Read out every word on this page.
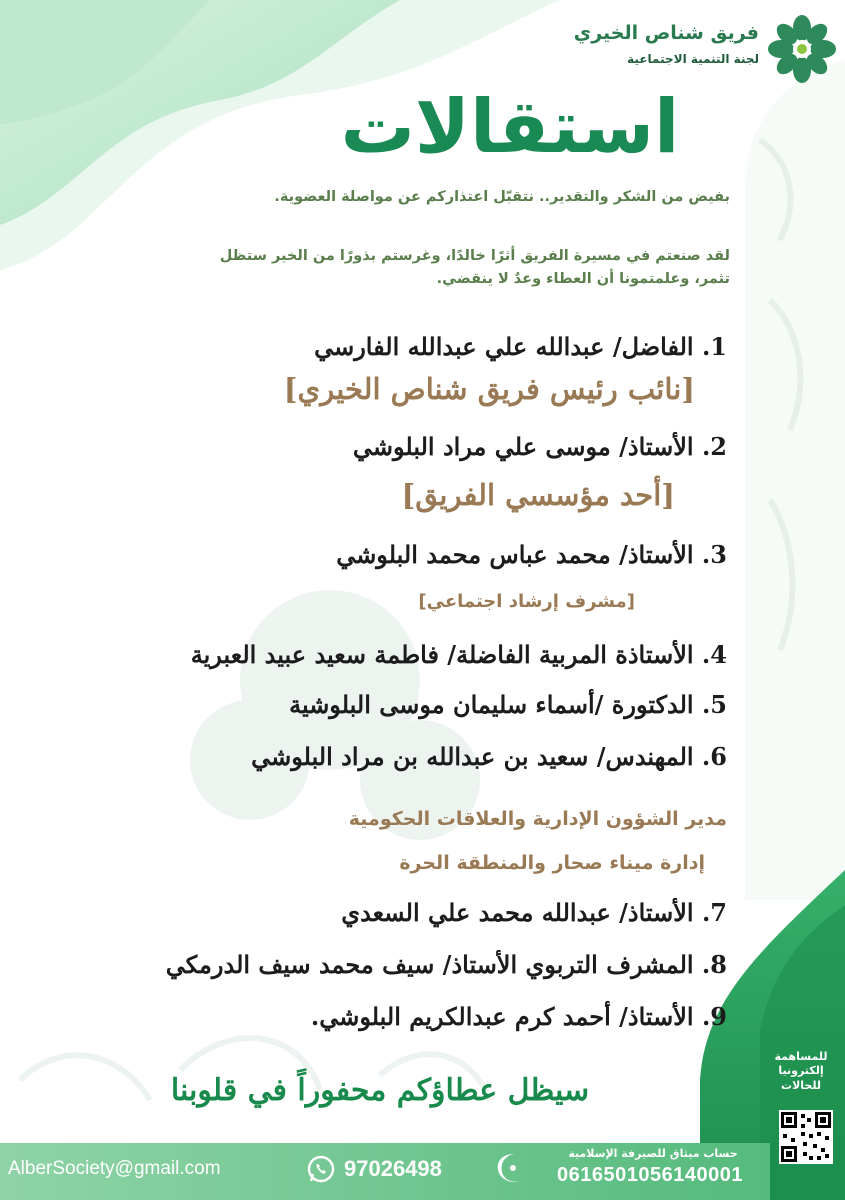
فريق شناص الخيري
لجنة التنمية الاجتماعية
استقالات
بفيض من الشكر والتقدير.. نتقبّل اعتذاركم عن مواصلة العضوية.
لقد صنعتم في مسيرة الفريق أثرًا خالدًا، وغرستم بذورًا من الخير ستظل تثمر، وعلمتمونا أن العطاء وعدٌ لا ينقضي.
1. الفاضل/ عبدالله علي عبدالله الفارسي
[نائب رئيس فريق شناص الخيري]
2. الأستاذ/ موسى علي مراد البلوشي
[أحد مؤسسي الفريق]
3. الأستاذ/ محمد عباس محمد البلوشي
[مشرف إرشاد اجتماعي]
4. الأستاذة المربية الفاضلة/ فاطمة سعيد عبيد العبرية
5. الدكتورة /أسماء سليمان موسى البلوشية
6. المهندس/ سعيد بن عبدالله بن مراد البلوشي
مدير الشؤون الإدارية والعلاقات الحكومية
إدارة ميناء صحار والمنطقة الحرة
7. الأستاذ/ عبدالله محمد علي السعدي
8. المشرف التربوي الأستاذ/ سيف محمد سيف الدرمكي
9. الأستاذ/ أحمد كرم عبدالكريم البلوشي.
سيظل عطاؤكم محفوراً في قلوبنا
للمساهمة
إلكترونيا
للحالات
AlberSociety@gmail.com	97026498
حساب ميثاق للصيرفة الإسلامية
0616501056140001
